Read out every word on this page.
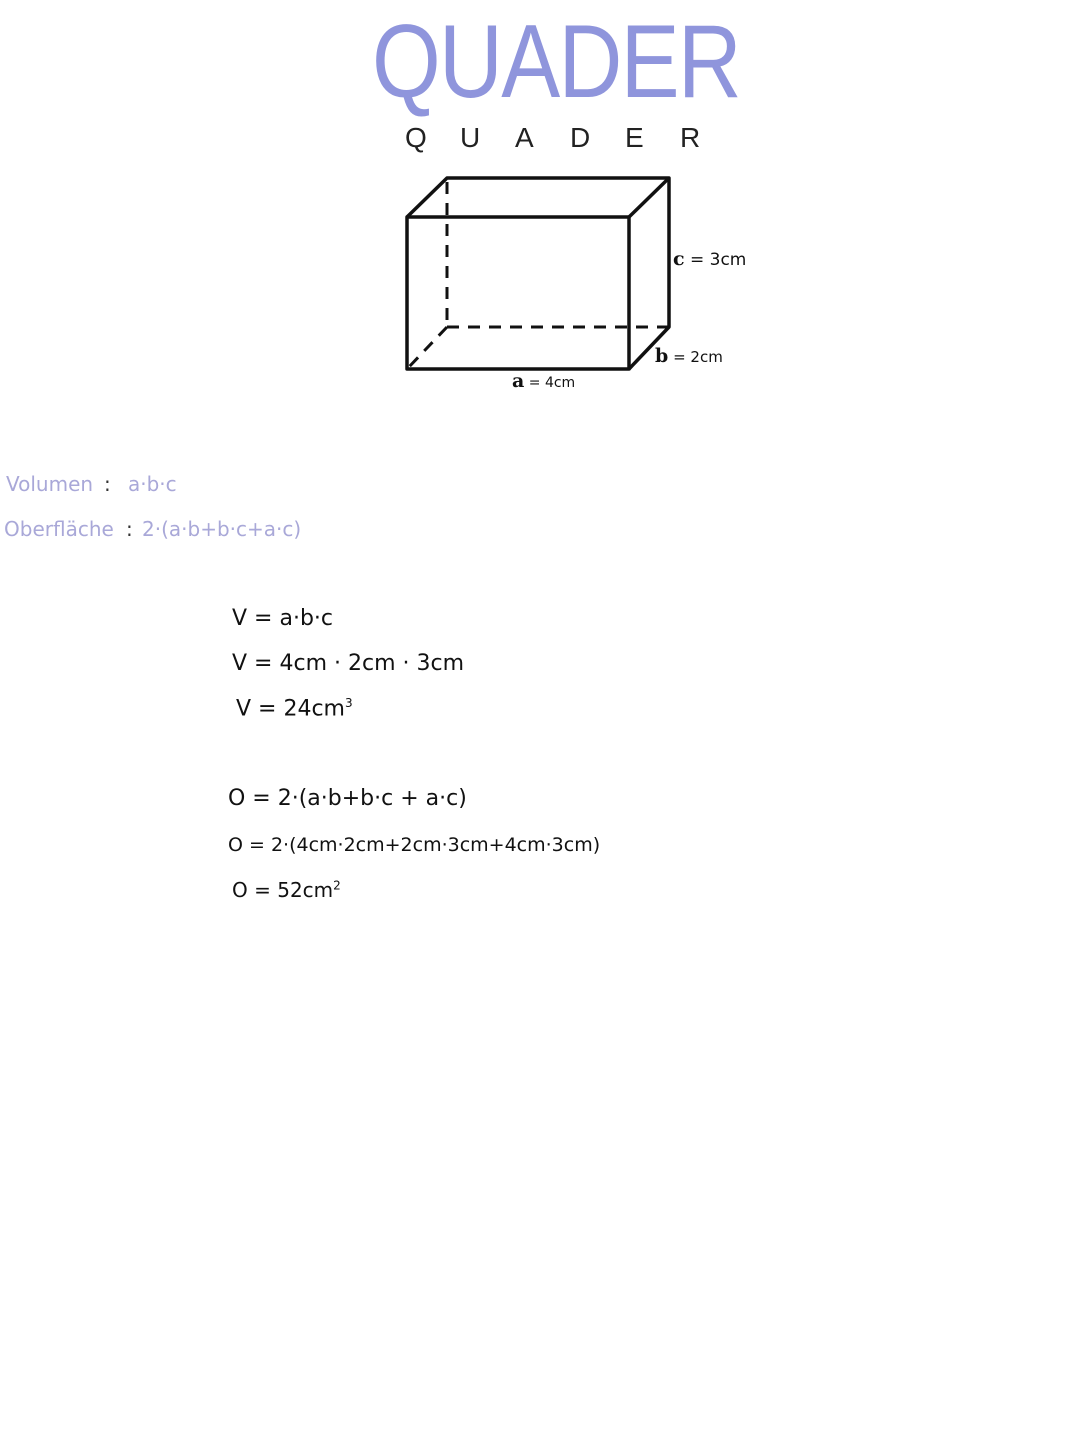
QUADER
Q U A D E R
c = 3cm
b = 2cm
a = 4cm
Volumen : a·b·c
Oberfläche : 2·(a·b+b·c+a·c)
V = a·b·c
V = 4cm · 2cm · 3cm
$V = 24cm^3$
O = 2·(a·b+b·c + a·c)
O = 2·(4cm·2cm+2cm·3cm+4cm·3cm)
$O = 52cm^2$
